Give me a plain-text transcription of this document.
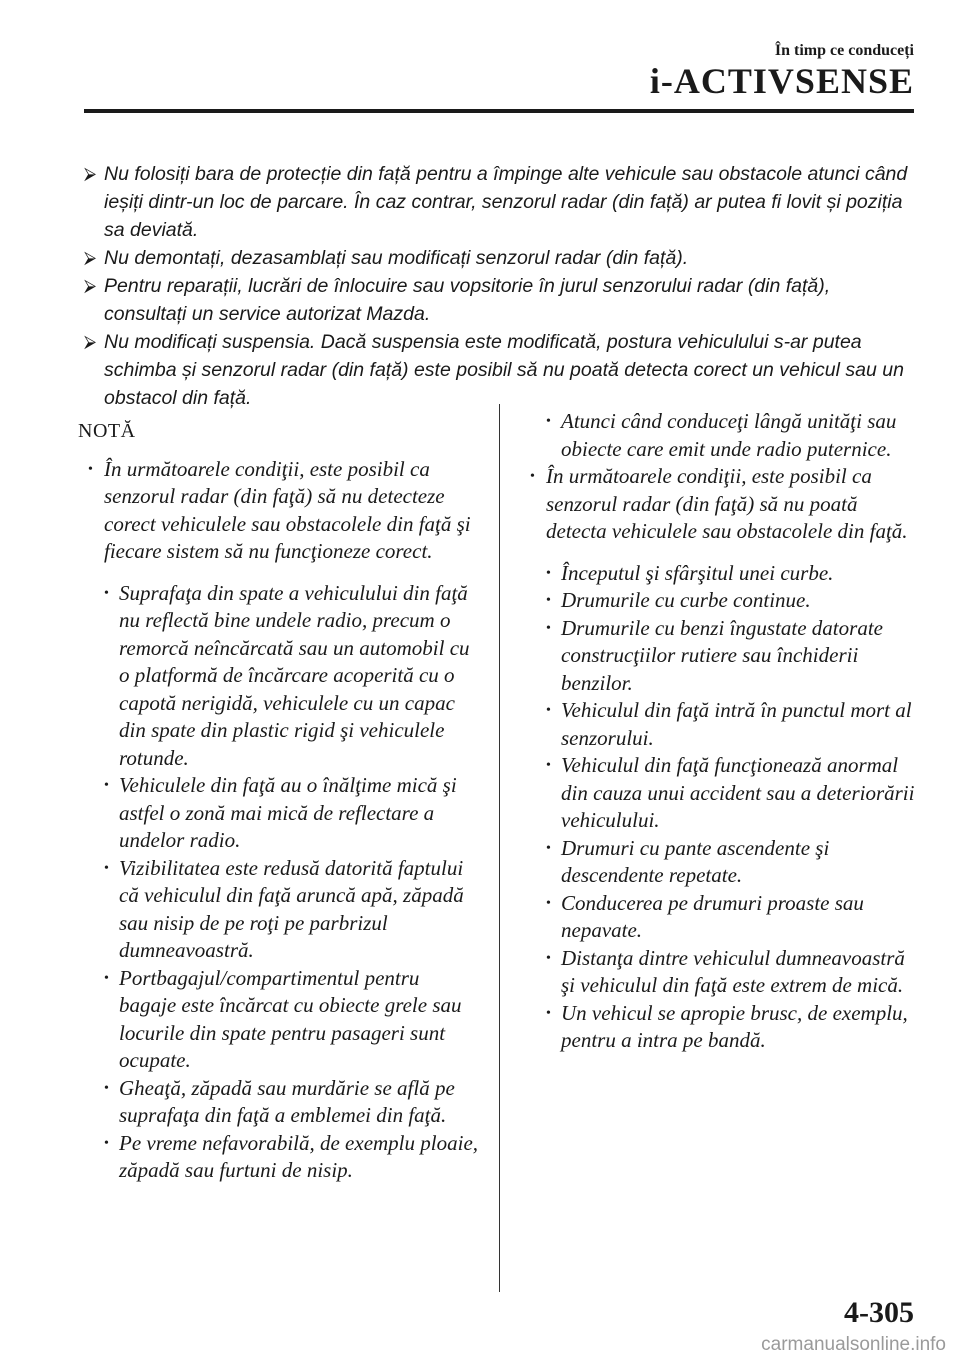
În timp ce conduceți
i-ACTIVSENSE
⮚ Nu folosiți bara de protecție din față pentru a împinge alte vehicule sau obstacole atunci când ieșiți dintr-un loc de parcare. În caz contrar, senzorul radar (din față) ar putea fi lovit și poziția sa deviată.
⮚ Nu demontați, dezasamblați sau modificați senzorul radar (din față).
⮚ Pentru reparații, lucrări de înlocuire sau vopsitorie în jurul senzorului radar (din față), consultați un service autorizat Mazda.
⮚ Nu modificați suspensia. Dacă suspensia este modificată, postura vehiculului s-ar putea schimba și senzorul radar (din față) este posibil să nu poată detecta corect un vehicul sau un obstacol din față.
NOTĂ

• În următoarele condiţii, este posibil ca senzorul radar (din faţă) să nu detecteze corect vehiculele sau obstacolele din faţă şi fiecare sistem să nu funcţioneze corect.

• Suprafaţa din spate a vehiculului din faţă nu reflectă bine undele radio, precum o remorcă neîncărcată sau un automobil cu o platformă de încărcare acoperită cu o capotă nerigidă, vehiculele cu un capac din spate din plastic rigid şi vehiculele rotunde.

• Vehiculele din faţă au o înălţime mică şi astfel o zonă mai mică de reflectare a undelor radio.

• Vizibilitatea este redusă datorită faptului că vehiculul din faţă aruncă apă, zăpadă sau nisip de pe roţi pe parbrizul dumneavoastră.

• Portbagajul/compartimentul pentru bagaje este încărcat cu obiecte grele sau locurile din spate pentru pasageri sunt ocupate.

• Gheaţă, zăpadă sau murdărie se află pe suprafaţa din faţă a emblemei din faţă.

• Pe vreme nefavorabilă, de exemplu ploaie, zăpadă sau furtuni de nisip.

• Atunci când conduceţi lângă unităţi sau obiecte care emit unde radio puternice.

• În următoarele condiţii, este posibil ca senzorul radar (din faţă) să nu poată detecta vehiculele sau obstacolele din faţă.

• Începutul şi sfârşitul unei curbe.

• Drumurile cu curbe continue.

• Drumurile cu benzi îngustate datorate construcţiilor rutiere sau închiderii benzilor.

• Vehiculul din faţă intră în punctul mort al senzorului.

• Vehiculul din faţă funcţionează anormal din cauza unui accident sau a deteriorării vehiculului.

• Drumuri cu pante ascendente şi descendente repetate.

• Conducerea pe drumuri proaste sau nepavate.

• Distanţa dintre vehiculul dumneavoastră şi vehiculul din faţă este extrem de mică.

• Un vehicul se apropie brusc, de exemplu, pentru a intra pe bandă.

4-305
carmanualsonline.info
